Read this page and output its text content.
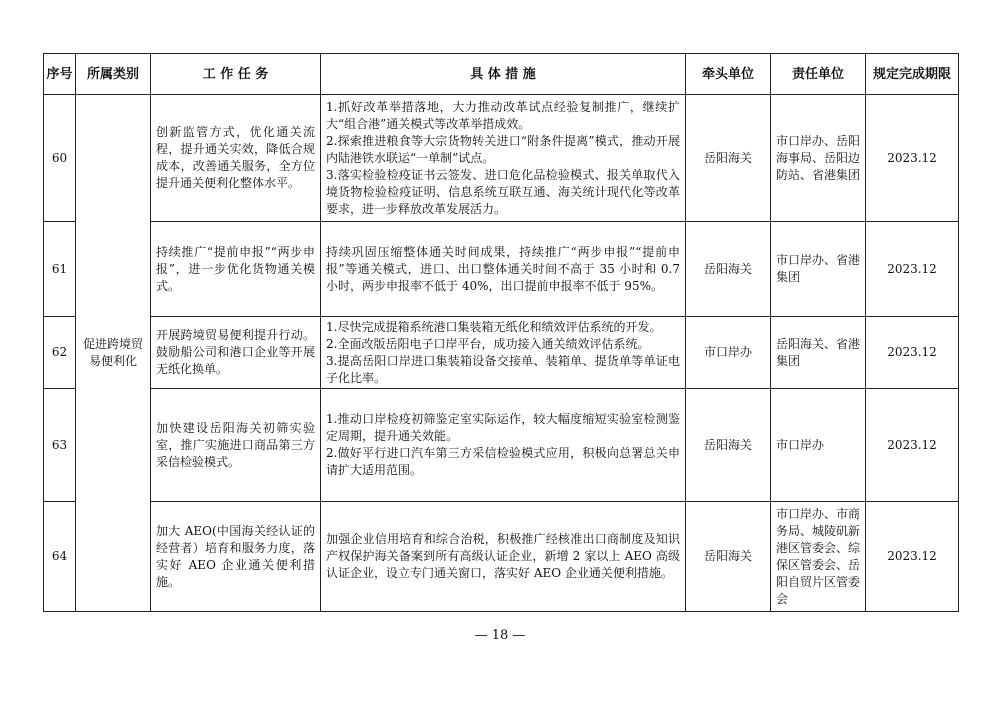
序号	所属类别	工 作 任 务	具 体 措 施	牵头单位	责任单位	规定完成期限
60	促进跨境贸易便利化	创新监管方式，优化通关流程，提升通关实效，降低合规成本，改善通关服务，全方位提升通关便利化整体水平。	1.抓好改革举措落地，大力推动改革试点经验复制推广，继续扩大“组合港”通关模式等改革举措成效。
2.探索推进粮食等大宗货物转关进口“附条件提离”模式，推动开展内陆港铁水联运“一单制”试点。
3.落实检验检疫证书云签发、进口危化品检验模式、报关单取代入境货物检验检疫证明、信息系统互联互通、海关统计现代化等改革要求，进一步释放改革发展活力。	岳阳海关	市口岸办、岳阳海事局、岳阳边防站、省港集团	2023.12
61		持续推广“提前申报”“两步申报”，进一步优化货物通关模式。	持续巩固压缩整体通关时间成果，持续推广“两步申报”“提前申报”等通关模式，进口、出口整体通关时间不高于 35 小时和 0.7 小时，两步申报率不低于 40%，出口提前申报率不低于 95%。	岳阳海关	市口岸办、省港集团	2023.12
62		开展跨境贸易便利提升行动。鼓励船公司和港口企业等开展无纸化换单。	1.尽快完成提箱系统港口集装箱无纸化和绩效评估系统的开发。
2.全面改版岳阳电子口岸平台，成功接入通关绩效评估系统。
3.提高岳阳口岸进口集装箱设备交接单、装箱单、提货单等单证电子化比率。	市口岸办	岳阳海关、省港集团	2023.12
63		加快建设岳阳海关初筛实验室，推广实施进口商品第三方采信检验模式。	1.推动口岸检疫初筛鉴定室实际运作，较大幅度缩短实验室检测鉴定周期，提升通关效能。
2.做好平行进口汽车第三方采信检验模式应用，积极向总署总关申请扩大适用范围。	岳阳海关	市口岸办	2023.12
64		加大 AEO(中国海关经认证的经营者）培育和服务力度，落实好 AEO 企业通关便利措施。	加强企业信用培育和综合治税，积极推广经核准出口商制度及知识产权保护海关备案到所有高级认证企业，新增 2 家以上 AEO 高级认证企业，设立专门通关窗口，落实好 AEO 企业通关便利措施。	岳阳海关	市口岸办、市商务局、城陵矶新港区管委会、综保区管委会、岳阳自贸片区管委会	2023.12
— 18 —
